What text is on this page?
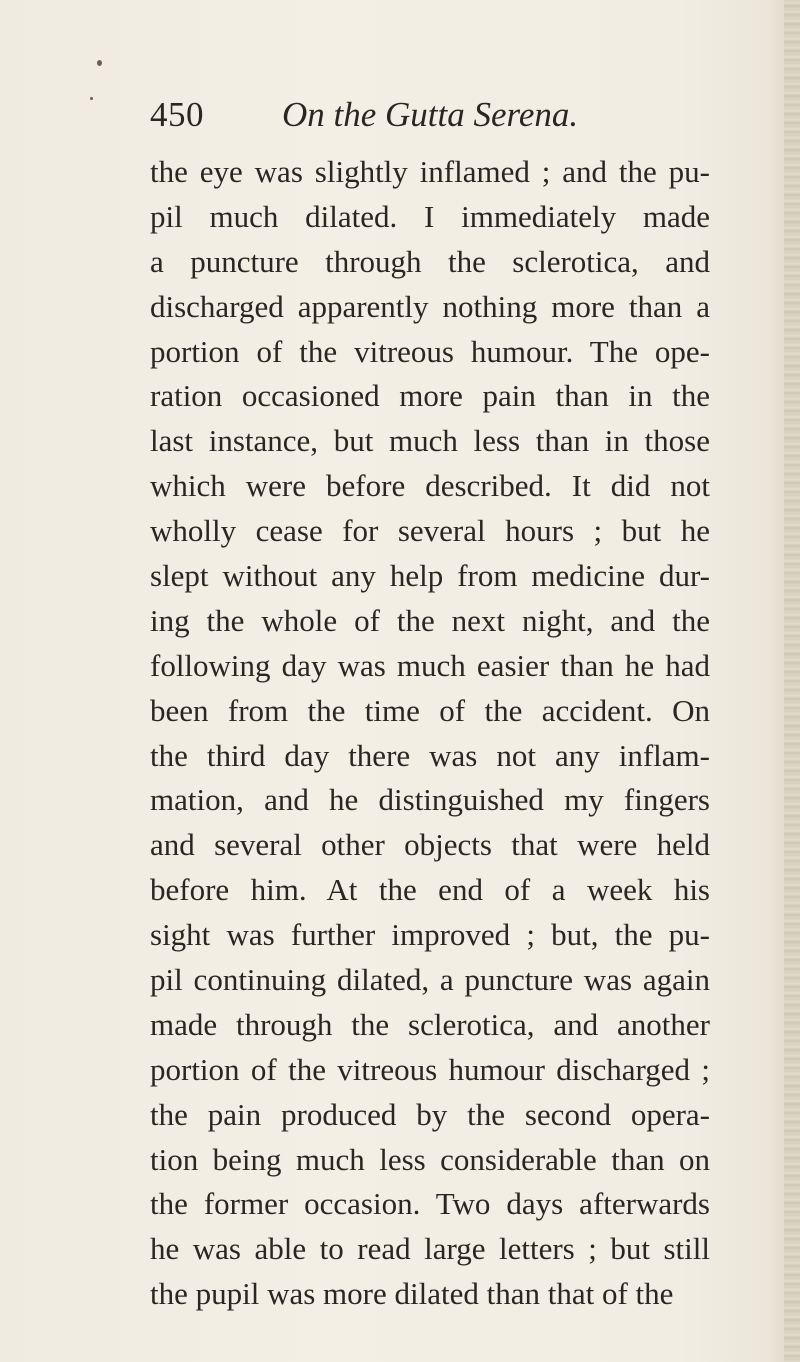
450 On the Gutta Serena.
the eye was slightly inflamed ; and the pu-
pil much dilated. I immediately made
a puncture through the sclerotica, and
discharged apparently nothing more than a
portion of the vitreous humour. The ope-
ration occasioned more pain than in the
last instance, but much less than in those
which were before described. It did not
wholly cease for several hours ; but he
slept without any help from medicine dur-
ing the whole of the next night, and the
following day was much easier than he had
been from the time of the accident. On
the third day there was not any inflam-
mation, and he distinguished my fingers
and several other objects that were held
before him. At the end of a week his
sight was further improved ; but, the pu-
pil continuing dilated, a puncture was again
made through the sclerotica, and another
portion of the vitreous humour discharged ;
the pain produced by the second opera-
tion being much less considerable than on
the former occasion. Two days afterwards
he was able to read large letters ; but still
the pupil was more dilated than that of the
